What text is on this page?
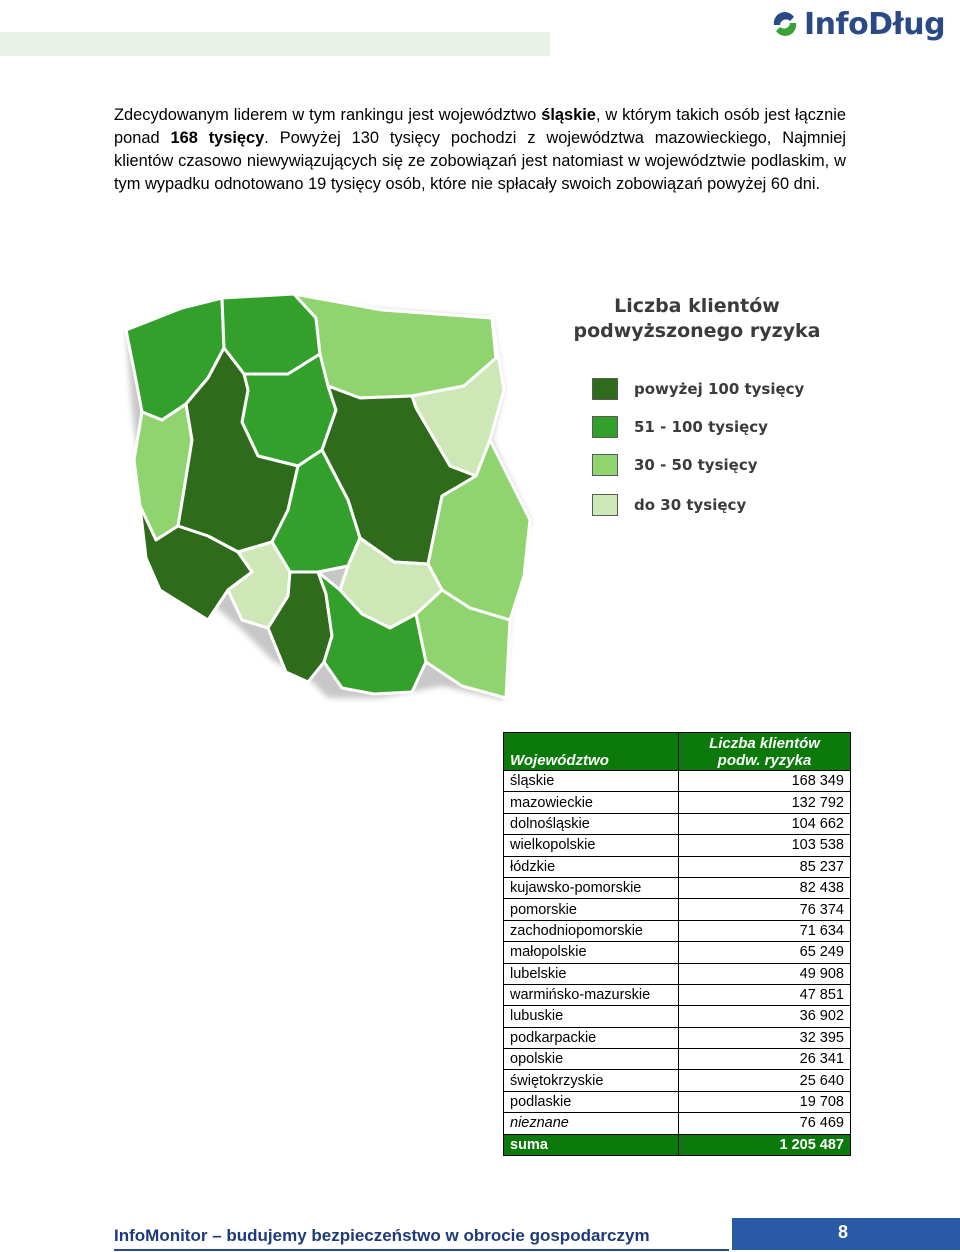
InfoDług
Zdecydowanym liderem w tym rankingu jest województwo śląskie, w którym takich osób jest łącznie ponad 168 tysięcy. Powyżej 130 tysięcy pochodzi z województwa mazowieckiego, Najmniej klientów czasowo niewywiązujących się ze zobowiązań jest natomiast w województwie podlaskim, w tym wypadku odnotowano 19 tysięcy osób, które nie spłacały swoich zobowiązań powyżej 60 dni.
Liczba klientów
podwyższonego ryzyka
powyżej 100 tysięcy
51 - 100 tysięcy
30 - 50 tysięcy
do 30 tysięcy
Województwo	Liczba klientów
podw. ryzyka

śląskie	168 349
mazowieckie	132 792
dolnośląskie	104 662
wielkopolskie	103 538
łódzkie	85 237
kujawsko-pomorskie	82 438
pomorskie	76 374
zachodniopomorskie	71 634
małopolskie	65 249
lubelskie	49 908
warmińsko-mazurskie	47 851
lubuskie	36 902
podkarpackie	32 395
opolskie	26 341
świętokrzyskie	25 640
podlaskie	19 708
nieznane	76 469
suma	1 205 487
InfoMonitor – budujemy bezpieczeństwo w obrocie gospodarczym	8
